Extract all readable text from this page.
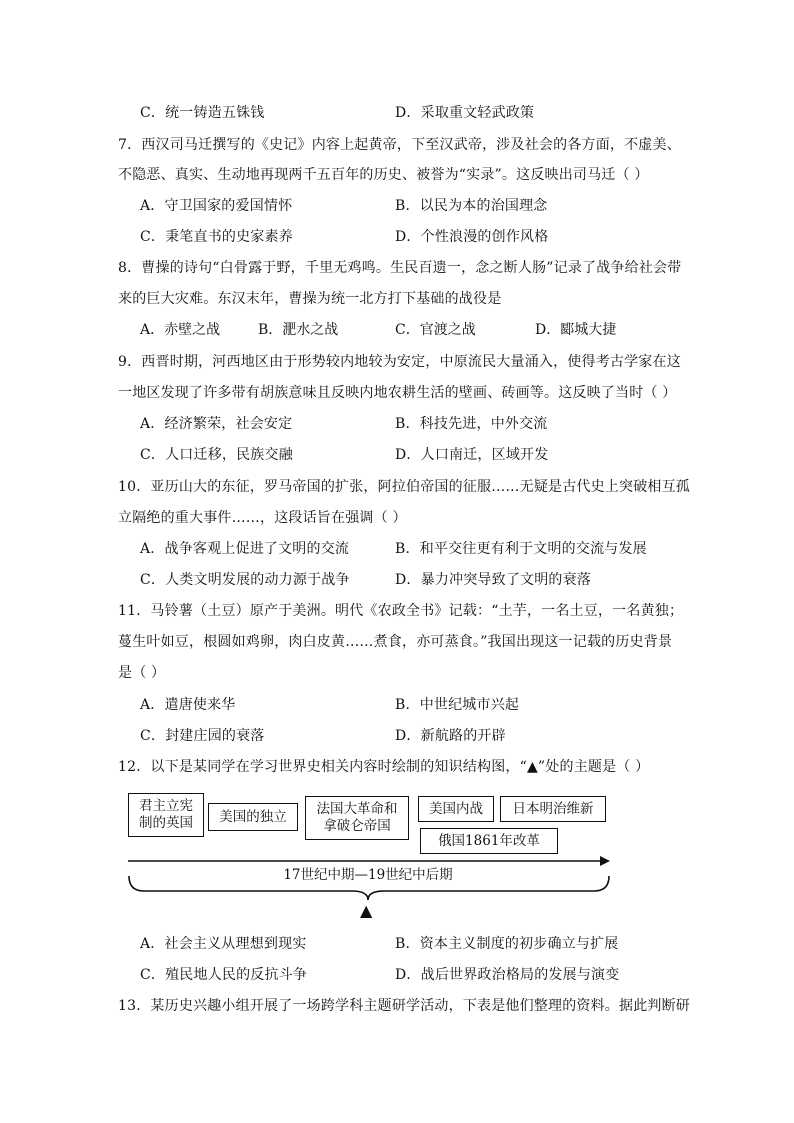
C．统一铸造五铢钱	D．采取重文轻武政策
7．西汉司马迁撰写的《史记》内容上起黄帝，下至汉武帝，涉及社会的各方面，不虚美、
不隐恶、真实、生动地再现两千五百年的历史、被誉为“实录”。这反映出司马迁（ ）
A．守卫国家的爱国情怀	B．以民为本的治国理念
C．秉笔直书的史家素养	D．个性浪漫的创作风格
8．曹操的诗句“白骨露于野，千里无鸡鸣。生民百遗一，念之断人肠”记录了战争给社会带
来的巨大灾难。东汉末年，曹操为统一北方打下基础的战役是
A．赤壁之战	B．淝水之战	C．官渡之战	D．郾城大捷
9．西晋时期，河西地区由于形势较内地较为安定，中原流民大量涌入，使得考古学家在这
一地区发现了许多带有胡族意味且反映内地农耕生活的壁画、砖画等。这反映了当时（ ）
A．经济繁荣，社会安定	B．科技先进，中外交流
C．人口迁移，民族交融	D．人口南迁，区域开发
10．亚历山大的东征，罗马帝国的扩张，阿拉伯帝国的征服……无疑是古代史上突破相互孤
立隔绝的重大事件……，这段话旨在强调（ ）
A．战争客观上促进了文明的交流	B．和平交往更有利于文明的交流与发展
C．人类文明发展的动力源于战争	D．暴力冲突导致了文明的衰落
11．马铃薯（土豆）原产于美洲。明代《农政全书》记载：“土芋，一名土豆，一名黄独；
蔓生叶如豆，根圆如鸡卵，肉白皮黄……煮食，亦可蒸食。”我国出现这一记载的历史背景
是（ ）
A．遣唐使来华	B．中世纪城市兴起
C．封建庄园的衰落	D．新航路的开辟
12．以下是某同学在学习世界史相关内容时绘制的知识结构图，“▲”处的主题是（ ）
君主立宪
制的英国 美国的独立 法国大革命和
拿破仑帝国
美国内战 日本明治维新
俄国1861年改革
17世纪中期—19世纪中后期
▲
A．社会主义从理想到现实	B．资本主义制度的初步确立与扩展
C．殖民地人民的反抗斗争	D．战后世界政治格局的发展与演变
13．某历史兴趣小组开展了一场跨学科主题研学活动，下表是他们整理的资料。据此判断研
